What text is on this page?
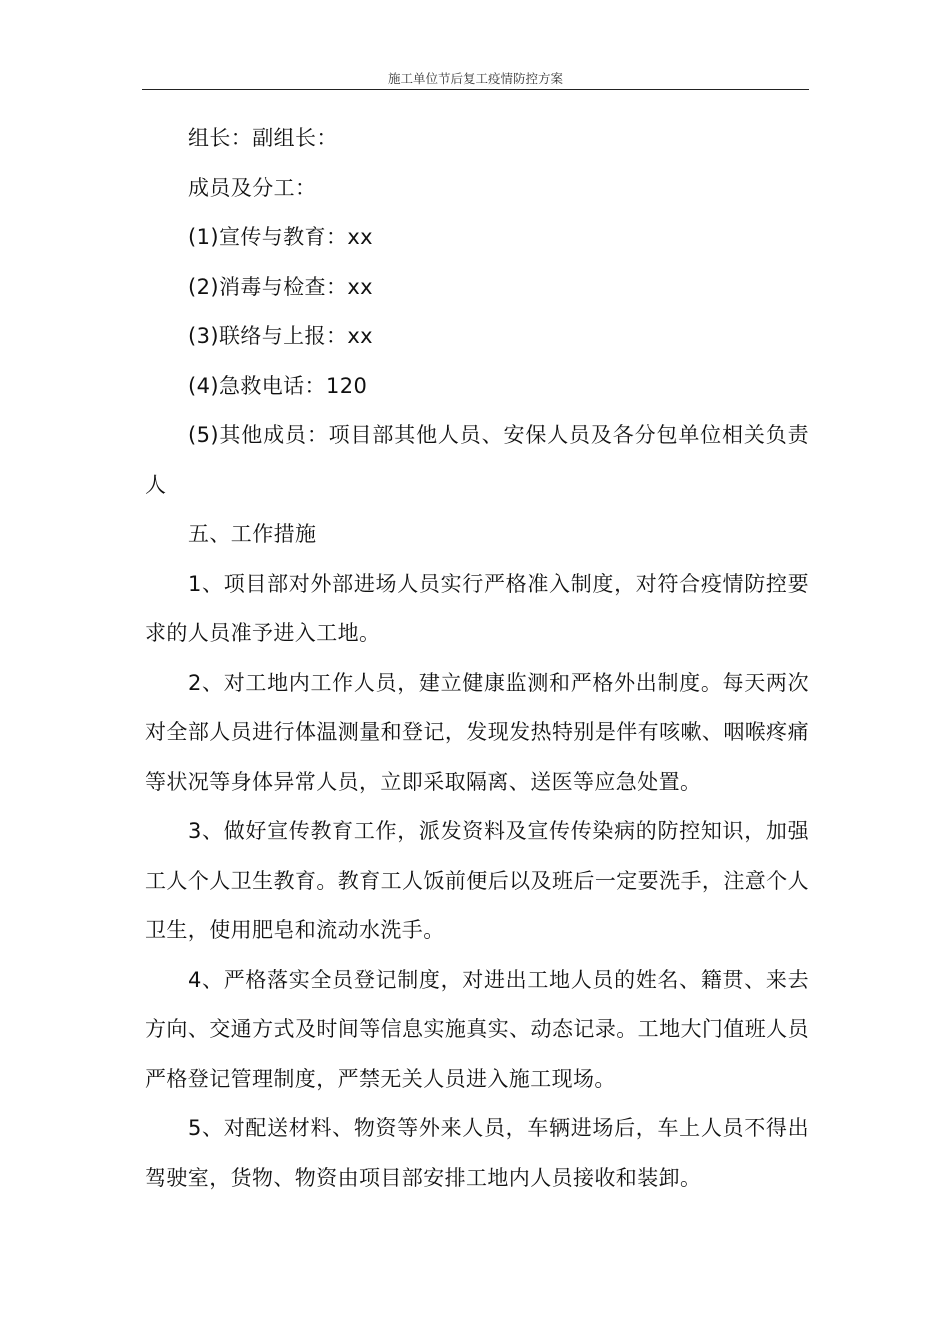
施工单位节后复工疫情防控方案

组长：副组长：

成员及分工：

(1)宣传与教育：xx

(2)消毒与检查：xx

(3)联络与上报：xx

(4)急救电话：120

(5)其他成员：项目部其他人员、安保人员及各分包单位相关负责人

五、工作措施

1、项目部对外部进场人员实行严格准入制度，对符合疫情防控要求的人员准予进入工地。

2、对工地内工作人员，建立健康监测和严格外出制度。每天两次对全部人员进行体温测量和登记，发现发热特别是伴有咳嗽、咽喉疼痛等状况等身体异常人员，立即采取隔离、送医等应急处置。

3、做好宣传教育工作，派发资料及宣传传染病的防控知识，加强工人个人卫生教育。教育工人饭前便后以及班后一定要洗手，注意个人卫生，使用肥皂和流动水洗手。

4、严格落实全员登记制度，对进出工地人员的姓名、籍贯、来去方向、交通方式及时间等信息实施真实、动态记录。工地大门值班人员严格登记管理制度，严禁无关人员进入施工现场。

5、对配送材料、物资等外来人员，车辆进场后，车上人员不得出驾驶室，货物、物资由项目部安排工地内人员接收和装卸。
